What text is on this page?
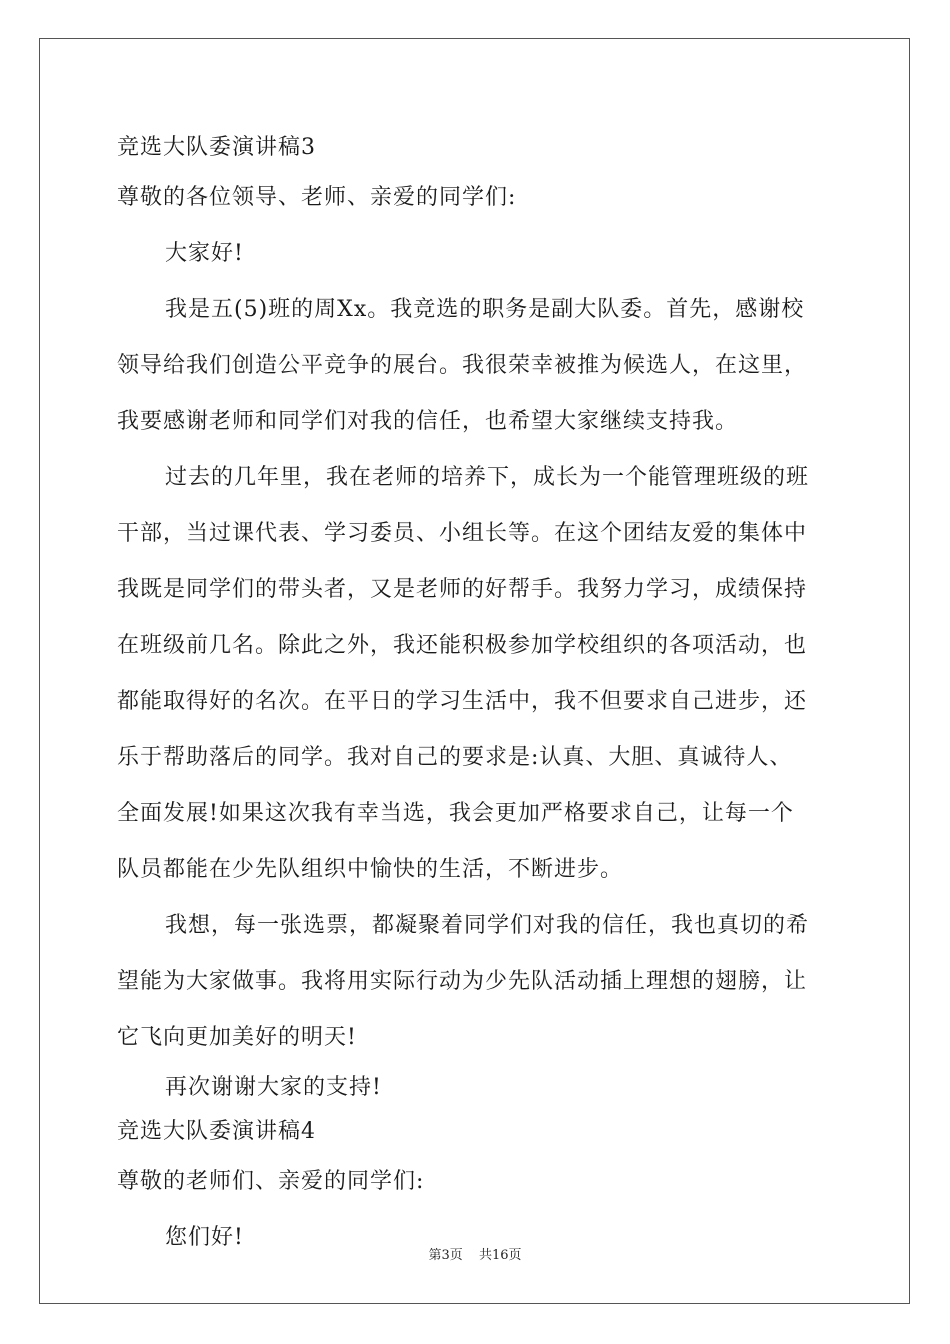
竞选大队委演讲稿3
尊敬的各位领导、老师、亲爱的同学们:
大家好!
我是五(5)班的周Xx。我竞选的职务是副大队委。首先，感谢校
领导给我们创造公平竞争的展台。我很荣幸被推为候选人，在这里，
我要感谢老师和同学们对我的信任，也希望大家继续支持我。
过去的几年里，我在老师的培养下，成长为一个能管理班级的班
干部，当过课代表、学习委员、小组长等。在这个团结友爱的集体中
我既是同学们的带头者，又是老师的好帮手。我努力学习，成绩保持
在班级前几名。除此之外，我还能积极参加学校组织的各项活动，也
都能取得好的名次。在平日的学习生活中，我不但要求自己进步，还
乐于帮助落后的同学。我对自己的要求是:认真、大胆、真诚待人、
全面发展!如果这次我有幸当选，我会更加严格要求自己，让每一个
队员都能在少先队组织中愉快的生活，不断进步。
我想，每一张选票，都凝聚着同学们对我的信任，我也真切的希
望能为大家做事。我将用实际行动为少先队活动插上理想的翅膀，让
它飞向更加美好的明天!
再次谢谢大家的支持!
竞选大队委演讲稿4
尊敬的老师们、亲爱的同学们:
您们好!
第3页 共16页
